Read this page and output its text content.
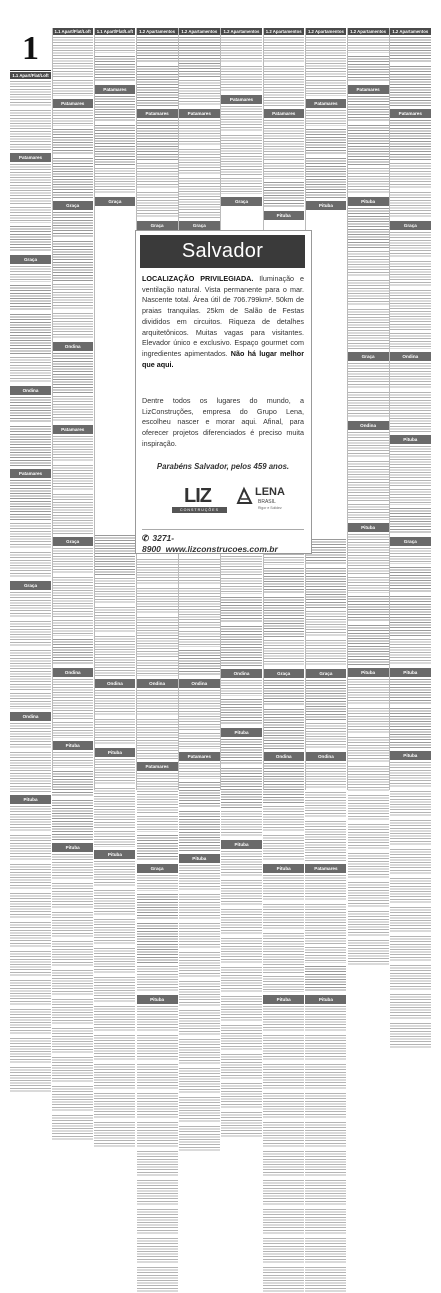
1
1.1 Apart/Flat/Loft
Patamares
Graça
Ondina
Patamares
Graça
Ondina
Pituba
1.1 Apart/Flat/Loft
Patamares
Graça
Ondina
Patamares
Graça
Ondina
Pituba
Pituba
1.1 Apart/Flat/Loft
Patamares
Graça
Ondina
Pituba
Pituba
1.2 Apartamentos
Patamares
Graça
Ondina
Patamares
Graça
Pituba
1.2 Apartamentos
Patamares
Graça
Ondina
Patamares
Pituba
1.2 Apartamentos
Patamares
Graça
Ondina
Pituba
Pituba
1.2 Apartamentos
Patamares
Pituba
Graça
Ondina
Pituba
Pituba
1.2 Apartamentos
Patamares
Pituba
Graça
Ondina
Patamares
Pituba
1.2 Apartamentos
Patamares
Pituba
Graça
Ondina
Pituba
Pituba
1.2 Apartamentos
Patamares
Graça
Ondina
Pituba
Graça
Pituba
Pituba
Salvador
LOCALIZAÇÃO PRIVILEGIADA. Iluminação e ventilação natural. Vista permanente para o mar. Nascente total. Área útil de 706.799km². 50km de praias tranquilas. 25km de Salão de Festas divididos em circuitos. Riqueza de detalhes arquitetônicos. Muitas vagas para visitantes. Elevador único e exclusivo. Espaço gourmet com ingredientes apimentados. Não há lugar melhor que aqui.
Dentre todos os lugares do mundo, a LizConstruções, empresa do Grupo Lena, escolheu nascer e morar aqui. Afinal, para oferecer projetos diferenciados é preciso muita inspiração.
Parabéns Salvador, pelos 459 anos.
LIZ
CONSTRUÇÕES
LENA
BRASIL
Rigor e Solidez
✆ 3271-8900 www.lizconstrucoes.com.br
